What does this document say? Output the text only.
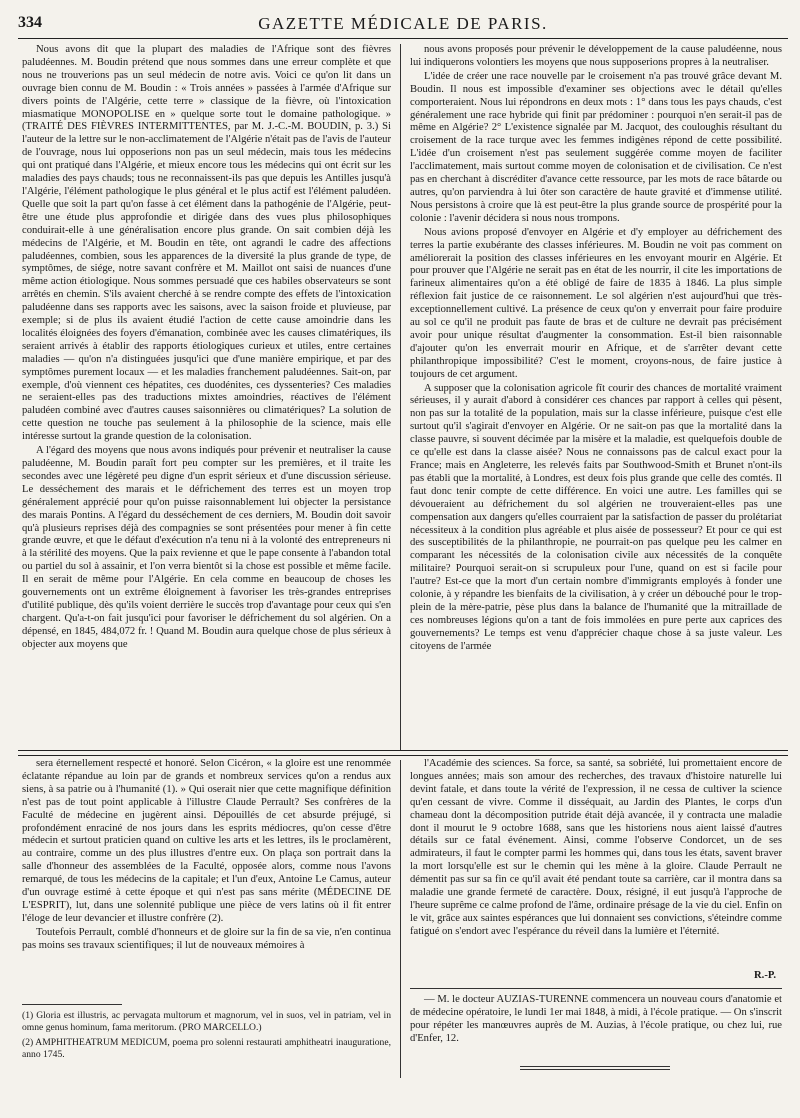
334	GAZETTE MÉDICALE DE PARIS.

Nous avons dit que la plupart des maladies de l'Afrique sont des fièvres paludéennes. M. Boudin prétend que nous sommes dans une erreur complète et que nous ne trouverions pas un seul médecin de notre avis. Voici ce qu'on lit dans un ouvrage bien connu de M. Boudin : « Trois années » passées à l'armée d'Afrique sur divers points de l'Algérie, cette terre » classique de la fièvre, où l'intoxication miasmatique MONOPOLISE en » quelque sorte tout le domaine pathologique. » (TRAITÉ DES FIÈVRES INTERMITTENTES, par M. J.-C.-M. BOUDIN, p. 3.) Si l'auteur de la lettre sur le non-acclimatement de l'Algérie n'était pas de l'avis de l'auteur de l'ouvrage, nous lui opposerions non pas un seul médecin, mais tous les médecins qui ont pratiqué dans l'Algérie, et mieux encore tous les médecins qui ont écrit sur les maladies des pays chauds; tous ne reconnaissent-ils pas que depuis les Antilles jusqu'à l'Algérie, l'élément pathologique le plus général et le plus actif est l'élément paludéen. Quelle que soit la part qu'on fasse à cet élément dans la pathogénie de l'Algérie, peut-être une étude plus approfondie et dirigée dans des vues plus philosophiques conduirait-elle à une généralisation encore plus grande. On sait combien déjà les médecins de l'Algérie, et M. Boudin en tête, ont agrandi le cadre des affections paludéennes, combien, sous les apparences de la diversité la plus grande de type, de symptômes, de siége, notre savant confrère et M. Maillot ont saisi de nuances d'une même action étiologique. Nous sommes persuadé que ces habiles observateurs se sont arrêtés en chemin. S'ils avaient cherché à se rendre compte des effets de l'intoxication paludéenne dans ses rapports avec les saisons, avec la saison froide et pluvieuse, par exemple; si de plus ils avaient étudié l'action de cette cause amoindrie dans les localités éloignées des foyers d'émanation, combinée avec les causes climatériques, ils seraient arrivés à établir des rapports étiologiques curieux et utiles, entre certaines maladies — qu'on n'a distinguées jusqu'ici que d'une manière empirique, et par des symptômes purement locaux — et les maladies franchement paludéennes. Sait-on, par exemple, d'où viennent ces hépatites, ces duodénites, ces dyssenteries? Ces maladies ne seraient-elles pas des traductions mixtes amoindries, réactives de l'élément paludéen combiné avec d'autres causes saisonnières ou climatériques? La solution de cette question ne touche pas seulement à la philosophie de la science, mais elle intéresse surtout la grande question de la colonisation.

A l'égard des moyens que nous avons indiqués pour prévenir et neutraliser la cause paludéenne, M. Boudin paraît fort peu compter sur les premières, et il traite les secondes avec une légèreté peu digne d'un esprit sérieux et d'une discussion sérieuse. Le desséchement des marais et le défrichement des terres est un moyen trop généralement apprécié pour qu'on puisse raisonnablement lui objecter la persistance des marais Pontins. A l'égard du desséchement de ces derniers, M. Boudin doit savoir qu'à plusieurs reprises déjà des compagnies se sont présentées pour mener à fin cette grande œuvre, et que le défaut d'exécution n'a tenu ni à la volonté des entrepreneurs ni à la stérilité des moyens. Que la paix revienne et que le pape consente à l'abandon total ou partiel du sol à assainir, et l'on verra bientôt si la chose est possible et même facile. Il en serait de même pour l'Algérie. En cela comme en beaucoup de choses les gouvernements ont un extrême éloignement à favoriser les très-grandes entreprises d'utilité publique, dès qu'ils voient derrière le succès trop d'avantage pour ceux qui s'en chargent. Qu'a-t-on fait jusqu'ici pour favoriser le défrichement du sol algérien. On a dépensé, en 1845, 484,072 fr. ! Quand M. Boudin aura quelque chose de plus sérieux à objecter aux moyens que

nous avons proposés pour prévenir le développement de la cause paludéenne, nous lui indiquerons volontiers les moyens que nous supposerions propres à la neutraliser.

L'idée de créer une race nouvelle par le croisement n'a pas trouvé grâce devant M. Boudin. Il nous est impossible d'examiner ses objections avec le détail qu'elles comporteraient. Nous lui répondrons en deux mots : 1° dans tous les pays chauds, c'est généralement une race hybride qui finit par prédominer : pourquoi n'en serait-il pas de même en Algérie? 2° L'existence signalée par M. Jacquot, des couloughis résultant du croisement de la race turque avec les femmes indigènes répond de cette possibilité. L'idée d'un croisement n'est pas seulement suggérée comme moyen de faciliter l'acclimatement, mais surtout comme moyen de colonisation et de civilisation. Ce n'est pas en cherchant à discréditer d'avance cette ressource, par les mots de race bâtarde ou autres, qu'on parviendra à lui ôter son caractère de haute gravité et d'immense utilité. Nous persistons à croire que là est peut-être la plus grande source de prospérité pour la colonie : l'avenir décidera si nous nous trompons.

Nous avions proposé d'envoyer en Algérie et d'y employer au défrichement des terres la partie exubérante des classes inférieures. M. Boudin ne voit pas comment on améliorerait la position des classes inférieures en les envoyant mourir en Algérie. Et pour prouver que l'Algérie ne serait pas en état de les nourrir, il cite les importations de farineux alimentaires qu'on a été obligé de faire de 1835 à 1846. La plus simple réflexion fait justice de ce raisonnement. Le sol algérien n'est aujourd'hui que très-exceptionnellement cultivé. La présence de ceux qu'on y enverrait pour faire produire au sol ce qu'il ne produit pas faute de bras et de culture ne devrait pas précisément avoir pour unique résultat d'augmenter la consommation. Est-il bien raisonnable d'ajouter qu'on les enverrait mourir en Afrique, et de s'arrêter devant cette philanthropique impossibilité? C'est le moment, croyons-nous, de faire justice à toujours de cet argument.

A supposer que la colonisation agricole fît courir des chances de mortalité vraiment sérieuses, il y aurait d'abord à considérer ces chances par rapport à celles qui pèsent, non pas sur la totalité de la population, mais sur la classe inférieure, puisque c'est elle surtout qu'il s'agirait d'envoyer en Algérie. Or ne sait-on pas que la mortalité dans la classe pauvre, si souvent décimée par la misère et la maladie, est quelquefois double de ce qu'elle est dans la classe aisée? Nous ne connaissons pas de calcul exact pour la France; mais en Angleterre, les relevés faits par Southwood-Smith et Brunet n'ont-ils pas établi que la mortalité, à Londres, est deux fois plus grande que celle des comtés. Il faut donc tenir compte de cette différence. En voici une autre. Les familles qui se dévoueraient au défrichement du sol algérien ne trouveraient-elles pas une compensation aux dangers qu'elles courraient par la satisfaction de passer du prolétariat nécessiteux à la condition plus agréable et plus aisée de possesseur? Et pour ce qui est des susceptibilités de la philanthropie, ne pourrait-on pas quelque peu les calmer en comparant les nécessités de la colonisation civile aux nécessités de la conquête militaire? Pourquoi serait-on si scrupuleux pour l'une, quand on est si facile pour l'autre? Est-ce que la mort d'un certain nombre d'immigrants employés à fonder une colonie, à y répandre les bienfaits de la civilisation, à y créer un débouché pour le trop-plein de la mère-patrie, pèse plus dans la balance de l'humanité que la mitraillade de ces nombreuses légions qu'on a tant de fois immolées en pure perte aux caprices des gouvernements? Le temps est venu d'apprécier chaque chose à sa juste valeur. Les citoyens de l'armée

sera éternellement respecté et honoré. Selon Cicéron, « la gloire est une renommée éclatante répandue au loin par de grands et nombreux services qu'on a rendus aux siens, à sa patrie ou à l'humanité (1). » Qui oserait nier que cette magnifique définition n'est pas de tout point applicable à l'illustre Claude Perrault? Ses confrères de la Faculté de médecine en jugèrent ainsi. Dépouillés de cet absurde préjugé, si profondément enraciné de nos jours dans les esprits médiocres, qu'on cesse d'être médecin et surtout praticien quand on cultive les arts et les lettres, ils le proclamèrent, au contraire, comme un des plus illustres d'entre eux. On plaça son portrait dans la salle d'honneur des assemblées de la Faculté, opposée alors, comme nous l'avons remarqué, de tous les médecins de la capitale; et l'un d'eux, Antoine Le Camus, auteur d'un ouvrage estimé à cette époque et qui n'est pas sans mérite (MÉDECINE DE L'ESPRIT), lut, dans une solennité publique une pièce de vers latins où il fit entrer l'éloge de leur devancier et illustre confrère (2).

Toutefois Perrault, comblé d'honneurs et de gloire sur la fin de sa vie, n'en continua pas moins ses travaux scientifiques; il lut de nouveaux mémoires à

l'Académie des sciences. Sa force, sa santé, sa sobriété, lui promettaient encore de longues années; mais son amour des recherches, des travaux d'histoire naturelle lui devint fatale, et dans toute la vérité de l'expression, il ne cessa de cultiver la science qu'en cessant de vivre. Comme il disséquait, au Jardin des Plantes, le corps d'un chameau dont la décomposition putride était déjà avancée, il y contracta une maladie dont il mourut le 9 octobre 1688, sans que les historiens nous aient laissé d'autres détails sur ce fatal événement. Ainsi, comme l'observe Condorcet, un de ses admirateurs, il faut le compter parmi les hommes qui, dans tous les états, savent braver la mort lorsqu'elle est sur le chemin qui les mène à la gloire. Claude Perrault ne démentit pas sur sa fin ce qu'il avait été pendant toute sa carrière, car il montra dans sa maladie une grande fermeté de caractère. Doux, résigné, il eut jusqu'à l'approche de l'heure suprême ce calme profond de l'âme, ordinaire présage de la vie du ciel. Enfin on le vit, grâce aux saintes espérances que lui donnaient ses convictions, s'éteindre comme fatigué on s'endort avec l'espérance du réveil dans la lumière et l'éternité.

R.-P.

(1) Gloria est illustris, ac pervagata multorum et magnorum, vel in suos, vel in patriam, vel in omne genus hominum, fama meritorum. (PRO MARCELLO.)

(2) AMPHITHEATRUM MEDICUM, poema pro solenni restaurati amphitheatri inauguratione, anno 1745.

— M. le docteur AUZIAS-TURENNE commencera un nouveau cours d'anatomie et de médecine opératoire, le lundi 1er mai 1848, à midi, à l'école pratique. — On s'inscrit pour répéter les manœuvres auprès de M. Auzias, à l'école pratique, ou chez lui, rue d'Enfer, 12.
